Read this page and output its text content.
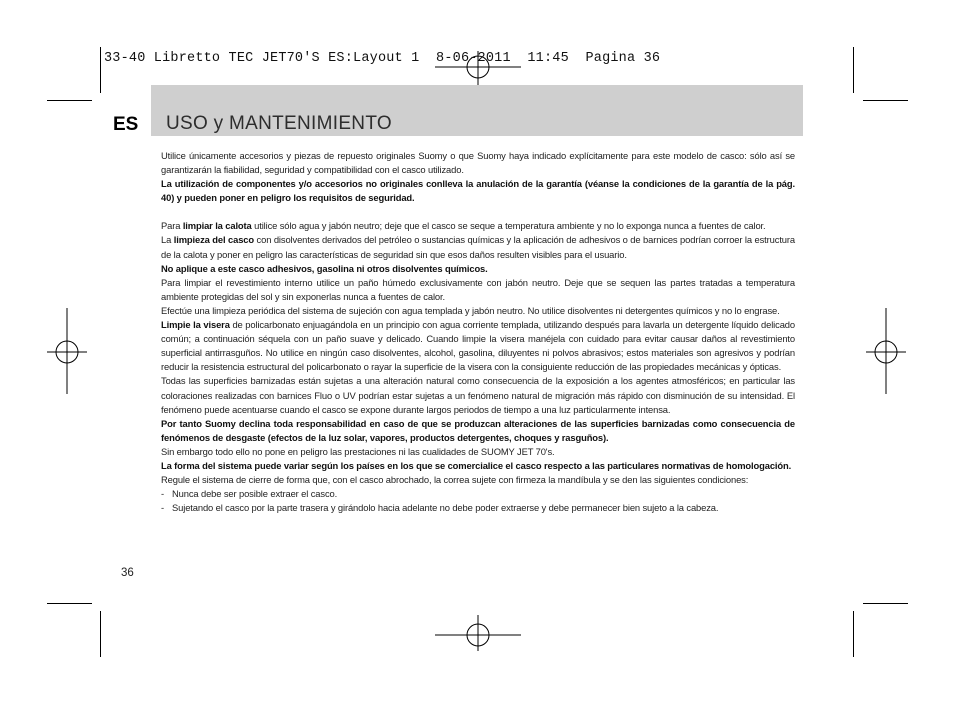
33-40 Libretto TEC JET70'S ES:Layout 1  8-06-2011  11:45  Pagina 36
ES USO y MANTENIMIENTO

Utilice únicamente accesorios y piezas de repuesto originales Suomy o que Suomy haya indicado explícitamente para este modelo de casco: sólo así se garantizarán la fiabilidad, seguridad y compatibilidad con el casco utilizado.

La utilización de componentes y/o accesorios no originales conlleva la anulación de la garantía (véanse la condiciones de la garantía de la pág. 40) y pueden poner en peligro los requisitos de seguridad.

Para limpiar la calota utilice sólo agua y jabón neutro; deje que el casco se seque a temperatura ambiente y no lo exponga nunca a fuentes de calor.

La limpieza del casco con disolventes derivados del petróleo o sustancias químicas y la aplicación de adhesivos o de barnices podrían corroer la estructura de la calota y poner en peligro las características de seguridad sin que esos daños resulten visibles para el usuario.

No aplique a este casco adhesivos, gasolina ni otros disolventes químicos.

Para limpiar el revestimiento interno utilice un paño húmedo exclusivamente con jabón neutro. Deje que se sequen las partes tratadas a temperatura ambiente protegidas del sol y sin exponerlas nunca a fuentes de calor.

Efectúe una limpieza periódica del sistema de sujeción con agua templada y jabón neutro. No utilice disolventes ni detergentes químicos y no lo engrase.

Limpie la visera de policarbonato enjuagándola en un principio con agua corriente templada, utilizando después para lavarla un detergente líquido delicado común; a continuación séquela con un paño suave y delicado. Cuando limpie la visera manéjela con cuidado para evitar causar daños al revestimiento superficial antirrasguños. No utilice en ningún caso disolventes, alcohol, gasolina, diluyentes ni polvos abrasivos; estos materiales son agresivos y podrían reducir la resistencia estructural del policarbonato o rayar la superficie de la visera con la consiguiente reducción de las propiedades mecánicas y ópticas.

Todas las superficies barnizadas están sujetas a una alteración natural como consecuencia de la exposición a los agentes atmosféricos; en particular las coloraciones realizadas con barnices Fluo o UV podrían estar sujetas a un fenómeno natural de migración más rápido con disminución de su intensidad. El fenómeno puede acentuarse cuando el casco se expone durante largos periodos de tiempo a una luz particularmente intensa.

Por tanto Suomy declina toda responsabilidad en caso de que se produzcan alteraciones de las superficies barnizadas como consecuencia de fenómenos de desgaste (efectos de la luz solar, vapores, productos detergentes, choques y rasguños).

Sin embargo todo ello no pone en peligro las prestaciones ni las cualidades de SUOMY JET 70's.

La forma del sistema puede variar según los países en los que se comercialice el casco respecto a las particulares normativas de homologación.

Regule el sistema de cierre de forma que, con el casco abrochado, la correa sujete con firmeza la mandíbula y se den las siguientes condiciones:

- Nunca debe ser posible extraer el casco.
- Sujetando el casco por la parte trasera y girándolo hacia adelante no debe poder extraerse y debe permanecer bien sujeto a la cabeza.
36
